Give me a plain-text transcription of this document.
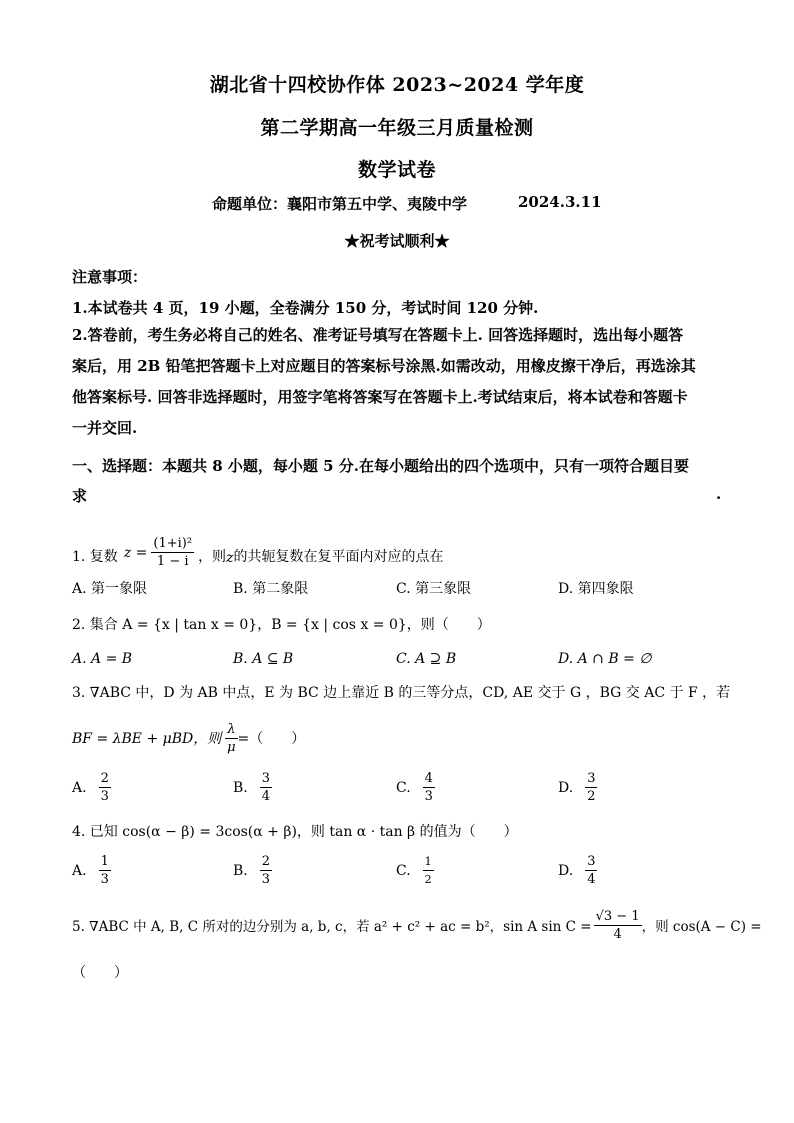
湖北省十四校协作体 2023~2024 学年度
第二学期高一年级三月质量检测
数学试卷
命题单位：襄阳市第五中学、夷陵中学	2024.3.11
★祝考试顺利★
注意事项：
1.本试卷共 4 页，19 小题，全卷满分 150 分，考试时间 120 分钟.
2.答卷前，考生务必将自己的姓名、准考证号填写在答题卡上. 回答选择题时，选出每小题答
案后，用 2B 铅笔把答题卡上对应题目的答案标号涂黑.如需改动，用橡皮擦干净后，再选涂其
他答案标号. 回答非选择题时，用签字笔将答案写在答题卡上.考试结束后，将本试卷和答题卡
一并交回.
一、选择题：本题共 8 小题，每小题 5 分.在每小题给出的四个选项中，只有一项符合题目要
求	.
1. 复数 $z = \frac{\text{(1+i)²}}{1 - i}$ ，则 z 的共轭复数在复平面内对应的点在
A. 第一象限	B. 第二象限	C. 第三象限	D. 第四象限
2. 集合 A = {x | tan x = 0}，B = {x | cos x = 0}，则（　　）
A. A = B	B. A ⊆ B	C. A ⊇ B	D. A ∩ B = ∅
3. ∇ABC 中，D 为 AB 中点，E 为 BC 边上靠近 B 的三等分点，CD, AE 交于 G ，BG 交 AC 于 F ，若
BF = λBE + μBD，则 $\frac{\lambda}{\mu}$ =（　　）
A. $\frac{2}{3}$	B. $\frac{3}{4}$	C. $\frac{4}{3}$	D. $\frac{3}{2}$
4. 已知 cos(α − β) = 3cos(α + β)，则 tan α · tan β 的值为（　　）
A. $\frac{1}{3}$	B. $\frac{2}{3}$	C. $\frac{1}{2}$	D. $\frac{3}{4}$
5. ∇ABC 中 A, B, C 所对的边分别为 a, b, c，若 a² + c² + ac = b²，sin A $\sin C = \frac{√3 - 1}{4}$ ，则 cos(A − C) =
（　　）
